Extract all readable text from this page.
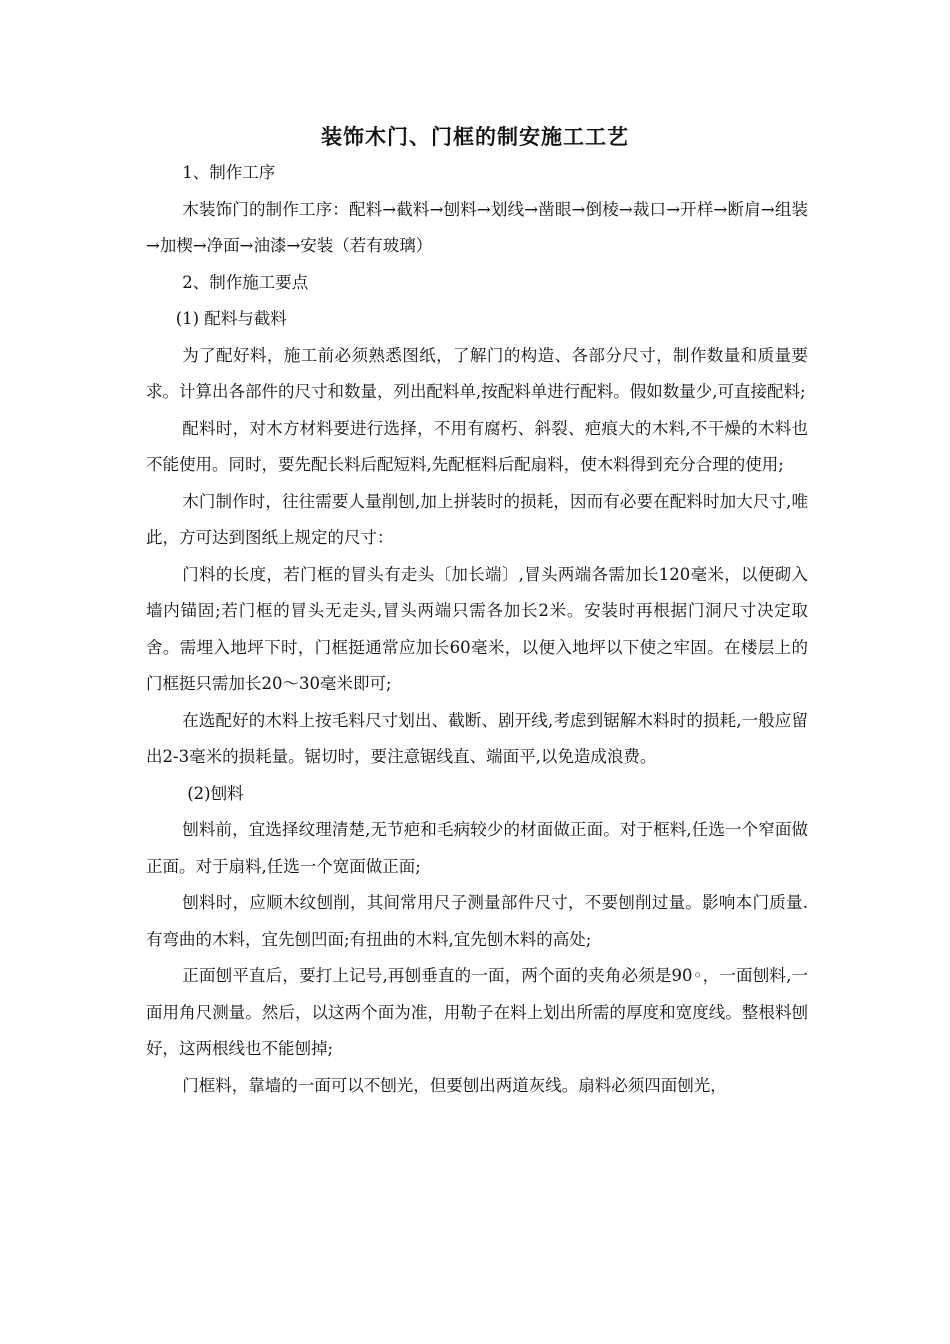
装饰木门、门框的制安施工工艺

1、制作工序

木装饰门的制作工序：配料→截料→刨料→划线→凿眼→倒棱→裁口→开样→断肩→组装→加楔→净面→油漆→安装（若有玻璃）

2、制作施工要点

(1) 配料与截料

为了配好料，施工前必须熟悉图纸，了解门的构造、各部分尺寸，制作数量和质量要求。计算出各部件的尺寸和数量，列出配料单,按配料单进行配料。假如数量少,可直接配料;

配料时，对木方材料要进行选择，不用有腐朽、斜裂、疤痕大的木料,不干燥的木料也不能使用。同时，要先配长料后配短料,先配框料后配扇料，使木料得到充分合理的使用;

木门制作时，往往需要人量削刨,加上拼装时的损耗，因而有必要在配料时加大尺寸,唯此，方可达到图纸上规定的尺寸：

门料的长度，若门框的冒头有走头〔加长端〕,冒头两端各需加长120毫米，以便砌入墙内锚固;若门框的冒头无走头,冒头两端只需各加长2米。安装时再根据门洞尺寸决定取舍。需埋入地坪下时，门框挺通常应加长60毫米，以便入地坪以下使之牢固。在楼层上的门框挺只需加长20～30毫米即可;

在选配好的木料上按毛料尺寸划出、截断、剧开线,考虑到锯解木料时的损耗,一般应留出2-3毫米的损耗量。锯切时，要注意锯线直、端面平,以免造成浪费。

(2)刨料

刨料前，宜选择纹理清楚,无节疤和毛病较少的材面做正面。对于框料,任选一个窄面做正面。对于扇料,任选一个宽面做正面;

刨料时，应顺木纹刨削，其间常用尺子测量部件尺寸，不要刨削过量。影响本门质量.有弯曲的木料，宜先刨凹面;有扭曲的木料,宜先刨木料的高处;

正面刨平直后，要打上记号,再刨垂直的一面，两个面的夹角必须是90◦，一面刨料,一面用角尺测量。然后，以这两个面为准，用勒子在料上划出所需的厚度和宽度线。整根料刨好，这两根线也不能刨掉;

门框料，靠墙的一面可以不刨光，但要刨出两道灰线。扇料必须四面刨光，
